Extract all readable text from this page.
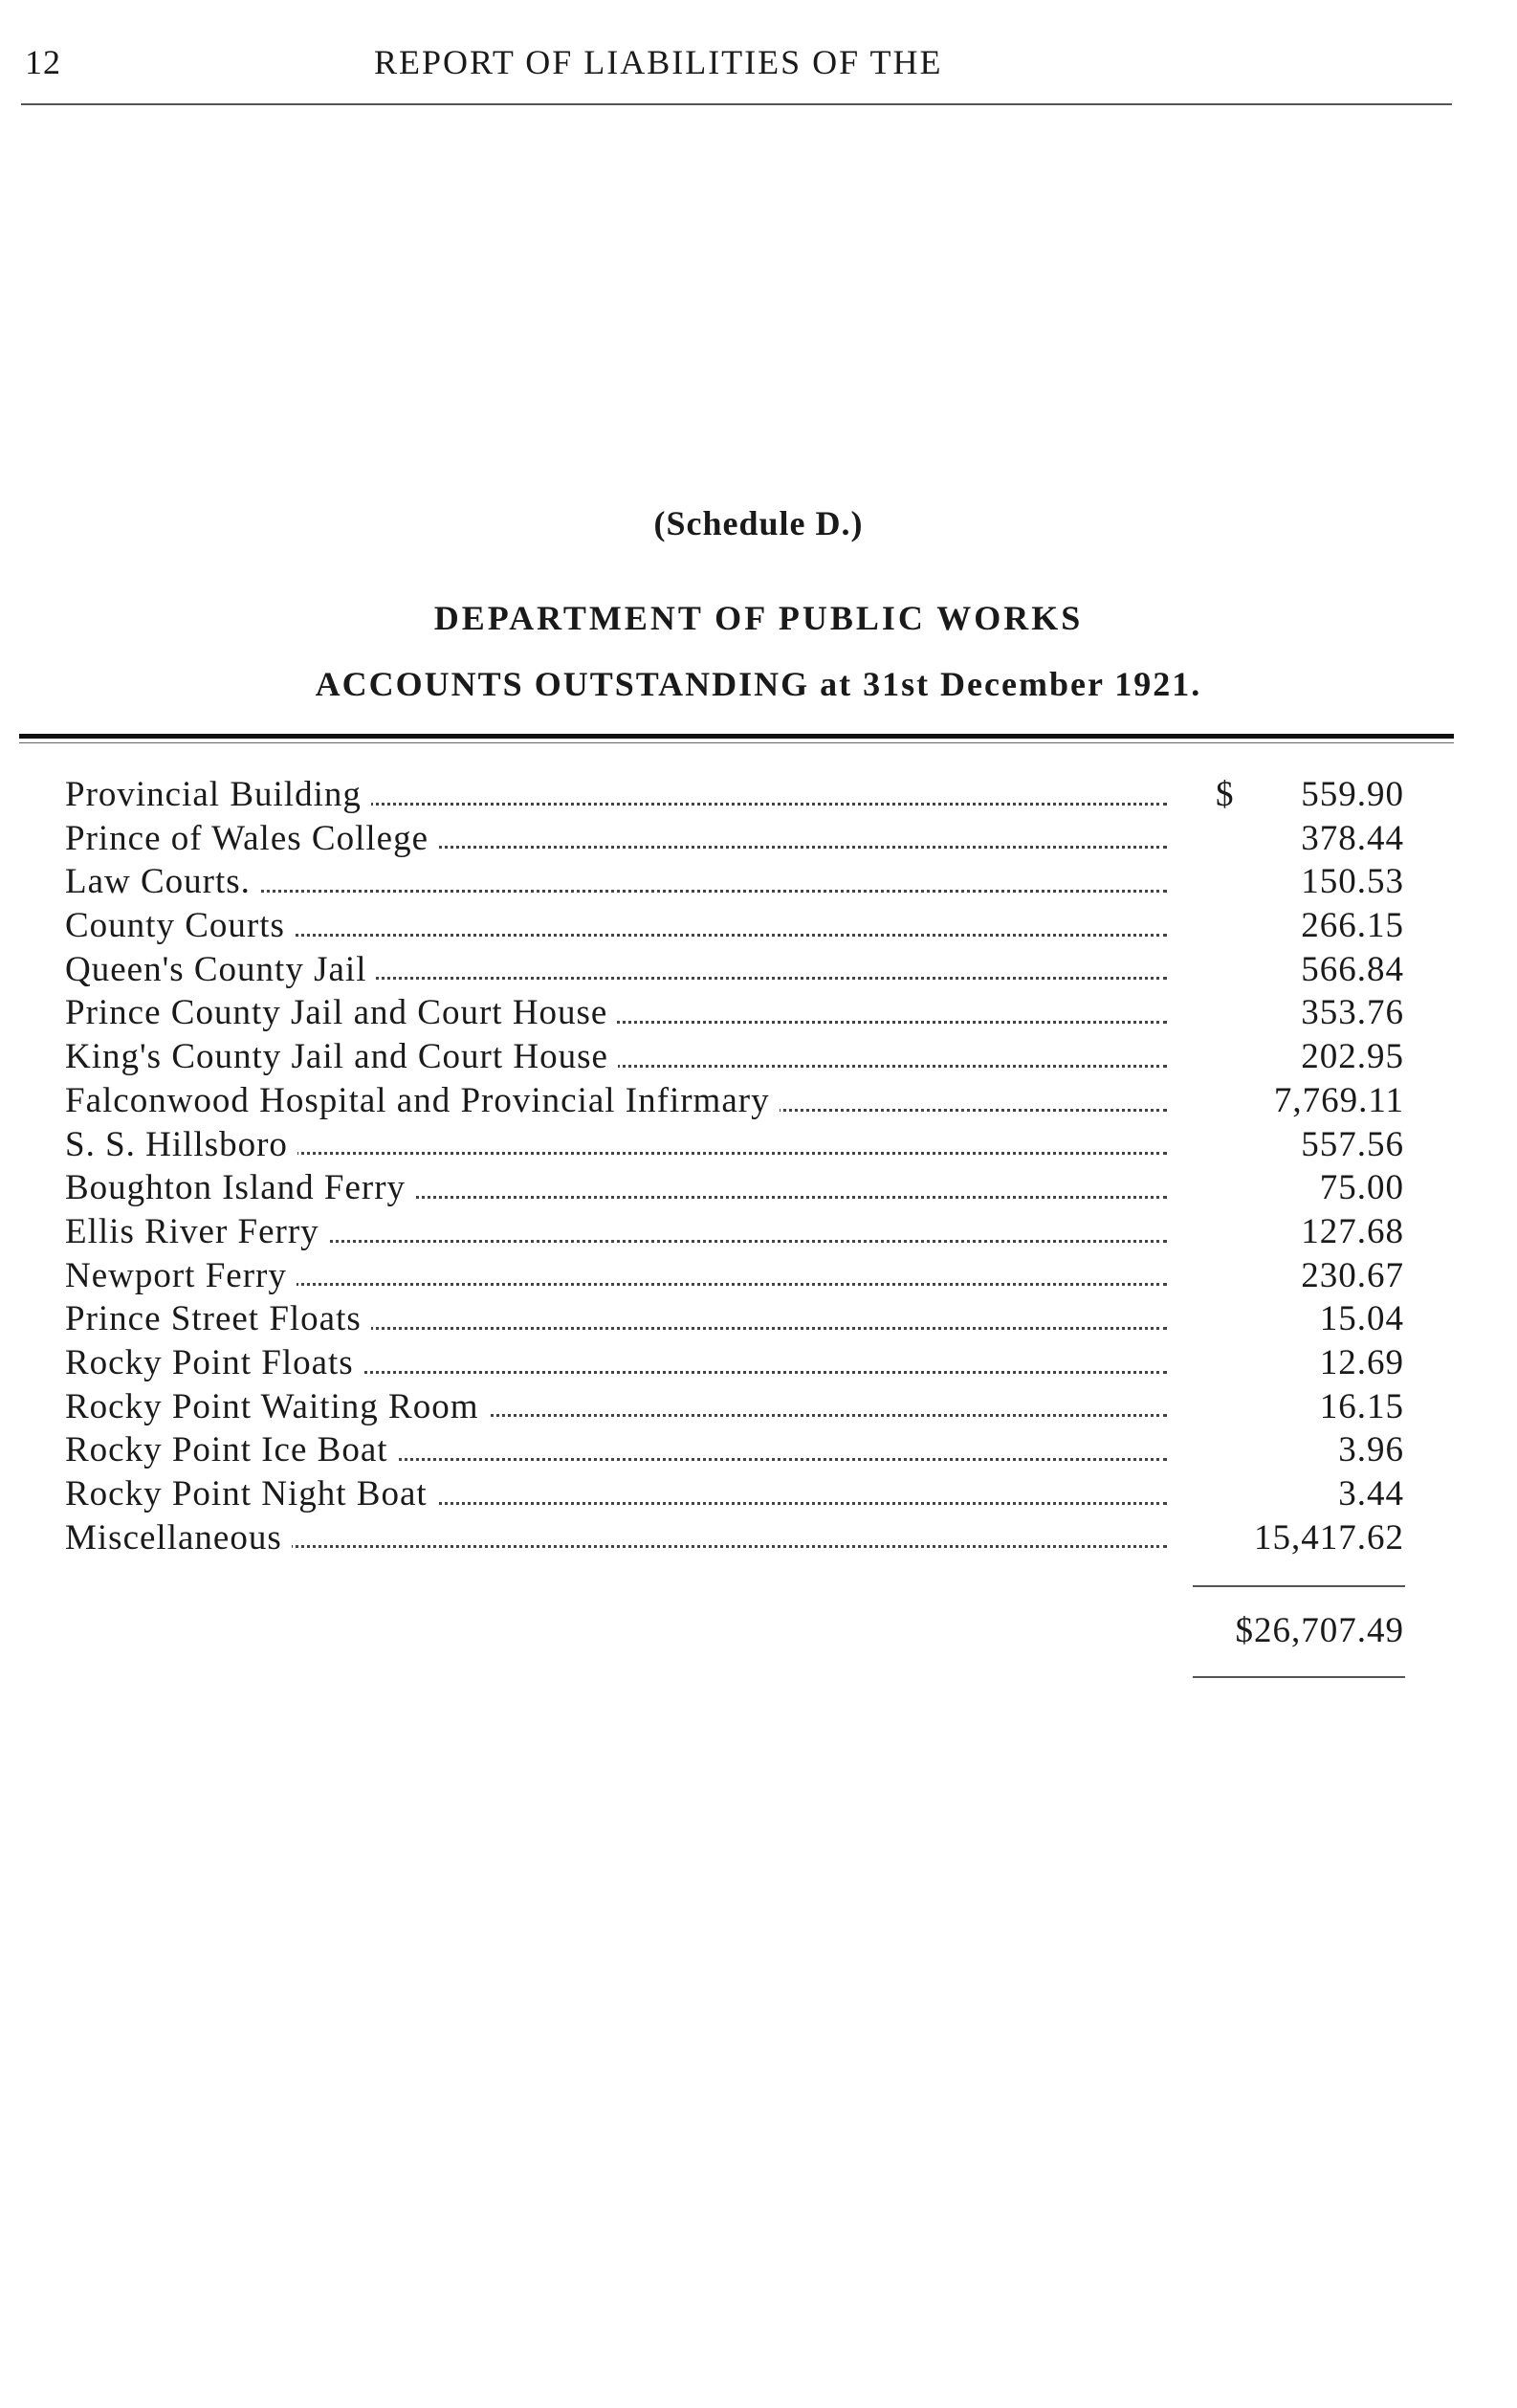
12	REPORT OF LIABILITIES OF THE
(Schedule D.)
DEPARTMENT OF PUBLIC WORKS
ACCOUNTS OUTSTANDING at 31st December 1921.
Provincial Building	$	559.90
Prince of Wales College	378.44
Law Courts.	150.53
County Courts	266.15
Queen's County Jail	566.84
Prince County Jail and Court House	353.76
King's County Jail and Court House	202.95
Falconwood Hospital and Provincial Infirmary	7,769.11
S. S. Hillsboro	557.56
Boughton Island Ferry	75.00
Ellis River Ferry	127.68
Newport Ferry	230.67
Prince Street Floats	15.04
Rocky Point Floats	12.69
Rocky Point Waiting Room	16.15
Rocky Point Ice Boat	3.96
Rocky Point Night Boat	3.44
Miscellaneous	15,417.62
$26,707.49
